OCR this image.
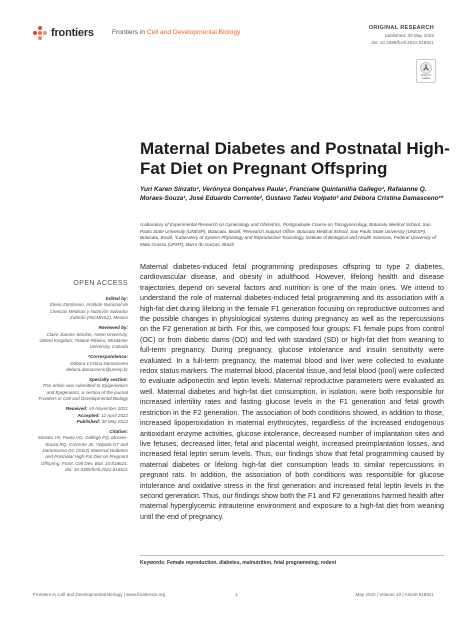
frontiers	Frontiers in Cell and Developmental Biology
ORIGINAL RESEARCH
published: 30 May 2022
doi: 10.3389/fcell.2022.818621
Check for updates
Maternal Diabetes and Postnatal High-Fat Diet on Pregnant Offspring
Yuri Karen Sinzato¹, Verônyca Gonçalves Paula¹, Franciane Quintanilha Gallego¹, Rafaianne Q. Moraes-Souza¹, José Eduardo Corrente², Gustavo Tadeu Volpato³ and Débora Cristina Damasceno¹*
¹Laboratory of Experimental Research on Gynecology and Obstetrics, Postgraduate Course on Tocogynecology, Botucatu Medical School, Sao Paulo State University (UNESP), Botucatu, Brazil, ²Research Support Office, Botucatu Medical School, Sao Paulo State University (UNESP), Botucatu, Brazil, ³Laboratory of System Physiology and Reproductive Toxicology, Institute of Biological and Health Sciences, Federal University of Mato Grosso (UFMT), Barra do Garças, Brazil
OPEN ACCESS
Edited by:
Elena Zambrano, Instituto Nacional de Ciencias Médicas y Nutrición Salvador Zubirán (INCMNSZ), Mexico
Reviewed by:
Claire Joanne Stocker, Aston University, United Kingdom; Tatiane Ribeiro, McMaster University, Canada
*Correspondence:
Débora Cristina Damasceno debora.damasceno@unesp.br
Specialty section:
This article was submitted to Epigenomics and Epigenetics, a section of the journal Frontiers in Cell and Developmental Biology
Received: 19 November 2021
Accepted: 12 April 2022
Published: 30 May 2022
Citation:
Sinzato YK, Paula VG, Gallego FQ, Moraes-Souza RQ, Corrente JE, Volpato GT and Damasceno DC (2022) Maternal Diabetes and Postnatal High-Fat Diet on Pregnant Offspring. Front. Cell Dev. Biol. 10:818621. doi: 10.3389/fcell.2022.818621

Maternal diabetes-induced fetal programming predisposes offspring to type 2 diabetes, cardiovascular disease, and obesity in adulthood. However, lifelong health and disease trajectories depend on several factors and nutrition is one of the main ones. We intend to understand the role of maternal diabetes-induced fetal programming and its association with a high-fat diet during lifelong in the female F1 generation focusing on reproductive outcomes and the possible changes in physiological systems during pregnancy as well as the repercussions on the F2 generation at birth. For this, we composed four groups: F1 female pups from control (OC) or from diabetic dams (OD) and fed with standard (SD) or high-fat diet from weaning to full-term pregnancy. During pregnancy, glucose intolerance and insulin sensitivity were evaluated. In a full-term pregnancy, the maternal blood and liver were collected to evaluate redox status markers. The maternal blood, placental tissue, and fetal blood (pool) were collected to evaluate adiponectin and leptin levels. Maternal reproductive parameters were evaluated as well. Maternal diabetes and high-fat diet consumption, in isolation, were both responsible for increased infertility rates and fasting glucose levels in the F1 generation and fetal growth restriction in the F2 generation. The association of both conditions showed, in addition to those, increased lipoperoxidation in maternal erythrocytes, regardless of the increased endogenous antioxidant enzyme activities, glucose intolerance, decreased number of implantation sites and live fetuses, decreased litter, fetal and placental weight, increased preimplantation losses, and increased fetal leptin serum levels. Thus, our findings show that fetal programming caused by maternal diabetes or lifelong high-fat diet consumption leads to similar repercussions in pregnant rats. In addition, the association of both conditions was responsible for glucose intolerance and oxidative stress in the first generation and increased fetal leptin levels in the second generation. Thus, our findings show both the F1 and F2 generations harmed health after maternal hyperglycemic intrauterine environment and exposure to a high-fat diet from weaning until the end of pregnancy.

Keywords: Female reproduction, diabetes, malnutrition, fetal programming, rodent
Frontiers in Cell and Developmental Biology | www.frontiersin.org	1	May 2022 | Volume 10 | Article 818621
